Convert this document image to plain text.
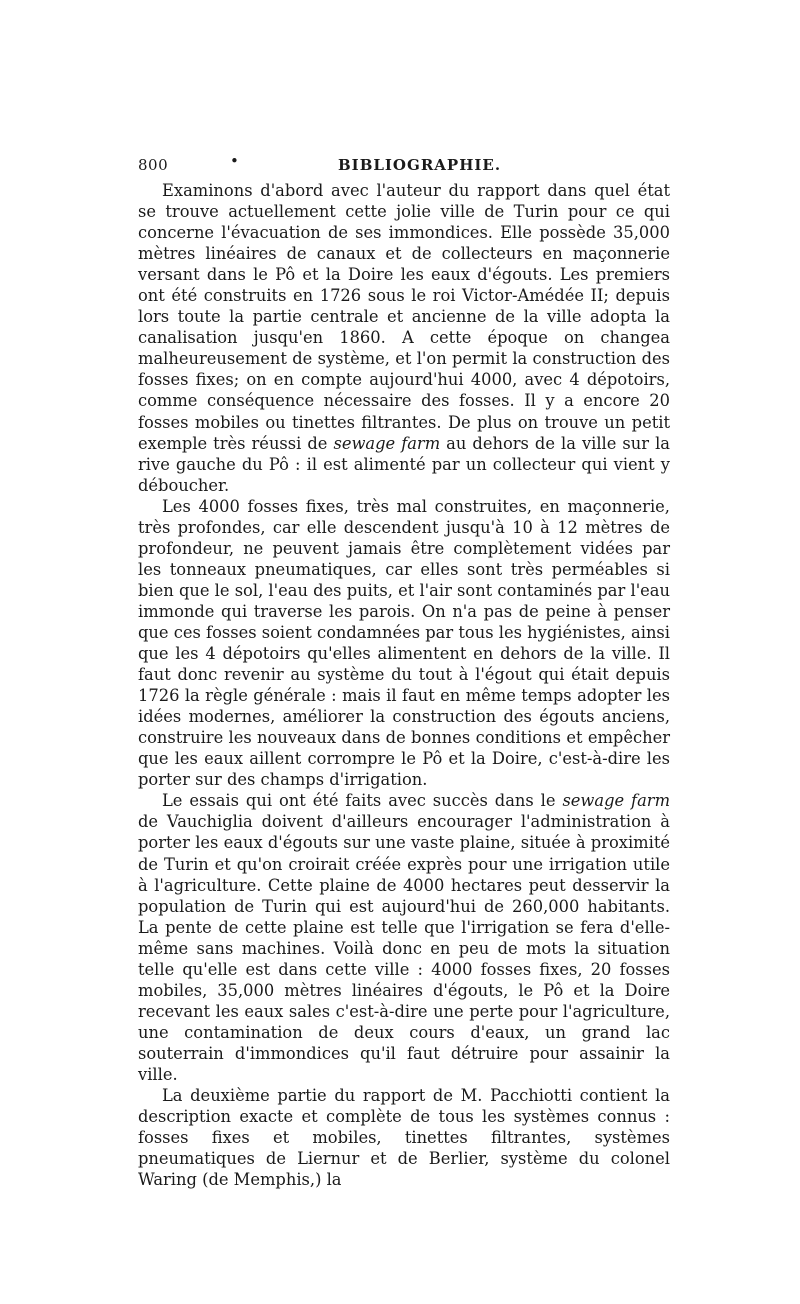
800	•	BIBLIOGRAPHIE.

Examinons d'abord avec l'auteur du rapport dans quel état se trouve actuellement cette jolie ville de Turin pour ce qui concerne l'évacuation de ses immondices. Elle possède 35,000 mètres linéaires de canaux et de collecteurs en maçonnerie versant dans le Pô et la Doire les eaux d'égouts. Les premiers ont été construits en 1726 sous le roi Victor-Amédée II; depuis lors toute la partie centrale et ancienne de la ville adopta la canalisation jusqu'en 1860. A cette époque on changea malheureusement de système, et l'on permit la construction des fosses fixes; on en compte aujourd'hui 4000, avec 4 dépotoirs, comme conséquence nécessaire des fosses. Il y a encore 20 fosses mobiles ou tinettes filtrantes. De plus on trouve un petit exemple très réussi de sewage farm au dehors de la ville sur la rive gauche du Pô : il est alimenté par un collecteur qui vient y déboucher.

Les 4000 fosses fixes, très mal construites, en maçonnerie, très profondes, car elle descendent jusqu'à 10 à 12 mètres de profondeur, ne peuvent jamais être complètement vidées par les tonneaux pneumatiques, car elles sont très perméables si bien que le sol, l'eau des puits, et l'air sont contaminés par l'eau immonde qui traverse les parois. On n'a pas de peine à penser que ces fosses soient condamnées par tous les hygiénistes, ainsi que les 4 dépotoirs qu'elles alimentent en dehors de la ville. Il faut donc revenir au système du tout à l'égout qui était depuis 1726 la règle générale : mais il faut en même temps adopter les idées modernes, améliorer la construction des égouts anciens, construire les nouveaux dans de bonnes conditions et empêcher que les eaux aillent corrompre le Pô et la Doire, c'est-à-dire les porter sur des champs d'irrigation.

Le essais qui ont été faits avec succès dans le sewage farm de Vauchiglia doivent d'ailleurs encourager l'administration à porter les eaux d'égouts sur une vaste plaine, située à proximité de Turin et qu'on croirait créée exprès pour une irrigation utile à l'agriculture. Cette plaine de 4000 hectares peut desservir la population de Turin qui est aujourd'hui de 260,000 habitants. La pente de cette plaine est telle que l'irrigation se fera d'elle-même sans machines. Voilà donc en peu de mots la situation telle qu'elle est dans cette ville : 4000 fosses fixes, 20 fosses mobiles, 35,000 mètres linéaires d'égouts, le Pô et la Doire recevant les eaux sales c'est-à-dire une perte pour l'agriculture, une contamination de deux cours d'eaux, un grand lac souterrain d'immondices qu'il faut détruire pour assainir la ville.

La deuxième partie du rapport de M. Pacchiotti contient la description exacte et complète de tous les systèmes connus : fosses fixes et mobiles, tinettes filtrantes, systèmes pneumatiques de Liernur et de Berlier, système du colonel Waring (de Memphis,) la
